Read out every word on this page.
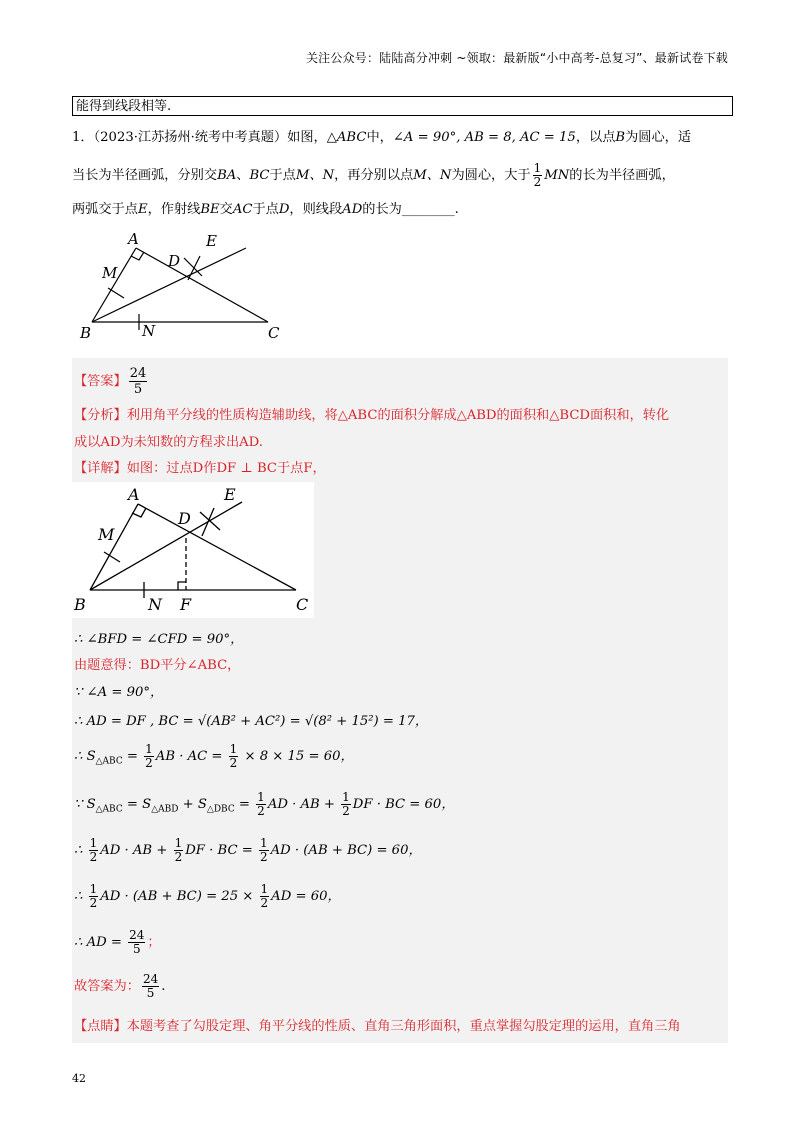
关注公众号：陆陆高分冲刺 ~领取：最新版“小中高考-总复习”、最新试卷下载
能得到线段相等.
1．（2023·江苏扬州·统考中考真题）如图，△ABC中，∠A = 90°, AB = 8, AC = 15，以点B为圆心，适
当长为半径画弧，分别交BA、BC于点M、N，再分别以点M、N为圆心，大于 $\frac{1}{2}$ MN的长为半径画弧，
两弧交于点E，作射线BE交AC于点D，则线段AD的长为________.
A
B	C
D
E
M
N
【答案】 $\frac{24}{5}$
【分析】利用角平分线的性质构造辅助线，将△ABC的面积分解成△ABD的面积和△BCD面积和，转化
成以AD为未知数的方程求出AD.
【详解】如图：过点D作DF ⊥ BC于点F，
A
B	C
D
E
M
N F
∴ ∠BFD = ∠CFD = 90°，
由题意得：BD平分∠ABC，
∵ ∠A = 90°，
∴ AD = DF , BC = √(AB² + AC²) = √(8² + 15²) = 17，
∴ $S_{\triangle ABC} = \frac{1}{2}$ AB · AC = $\frac{1}{2} \times 8 \times 15 = 60$，
∵ $S_{\triangle ABC} = S_{\triangle ABD} + S_{\triangle DBC} = \frac{1}{2}$ AD · AB + $\frac{1}{2}$ DF · BC = 60，
∴ $\frac{1}{2}$ AD · AB + $\frac{1}{2}$ DF · BC = $\frac{1}{2}$ AD · (AB + BC) = 60，
∴ $\frac{1}{2}$ AD · $(AB + BC) = 25 \times \frac{1}{2}$ AD = 60，
∴ AD = $\frac{24}{5}$ ；
故答案为： $\frac{24}{5}$ .
【点睛】本题考查了勾股定理、角平分线的性质、直角三角形面积，重点掌握勾股定理的运用，直角三角
42
